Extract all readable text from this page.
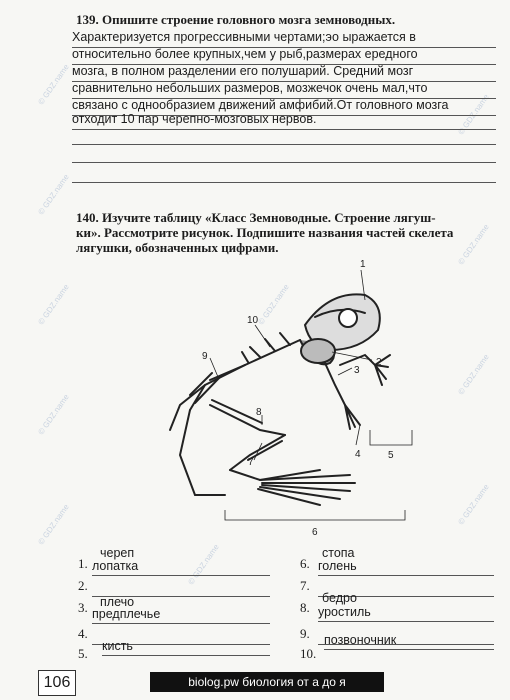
© GDZ.name
© GDZ.name
© GDZ.name
© GDZ.name
© GDZ.name
© GDZ.name
© GDZ.name
© GDZ.name
© GDZ.name
© GDZ.name
© GDZ.name
139. Опишите строение головного мозга земноводных.
Характеризуется прогрессивными чертами;эо ыражается в
относительно более крупных,чем у рыб,размерах ередного
мозга, в полном разделении его полушарий. Средний мозг
сравнительно небольших размеров, мозжечок очень мал,что
связано с однообразием движений амфибий.От головного мозга
отходит 10 пар черепно-мозговых нервов.
140. Изучите таблицу «Класс Земноводные. Строение лягуш-
ки». Рассмотрите рисунок. Подпишите названия частей скелета
лягушки, обозначенных цифрами.
1
2
3
4	5
6
7
8
9
10
1.
череп
лопатка
2.
3. плечо
предплечье
4.
5. кисть
6.
стопа
голень
7.
8.
бедро
уростиль
9.
10.
позвоночник
106	biolog.pw биология от а до я
